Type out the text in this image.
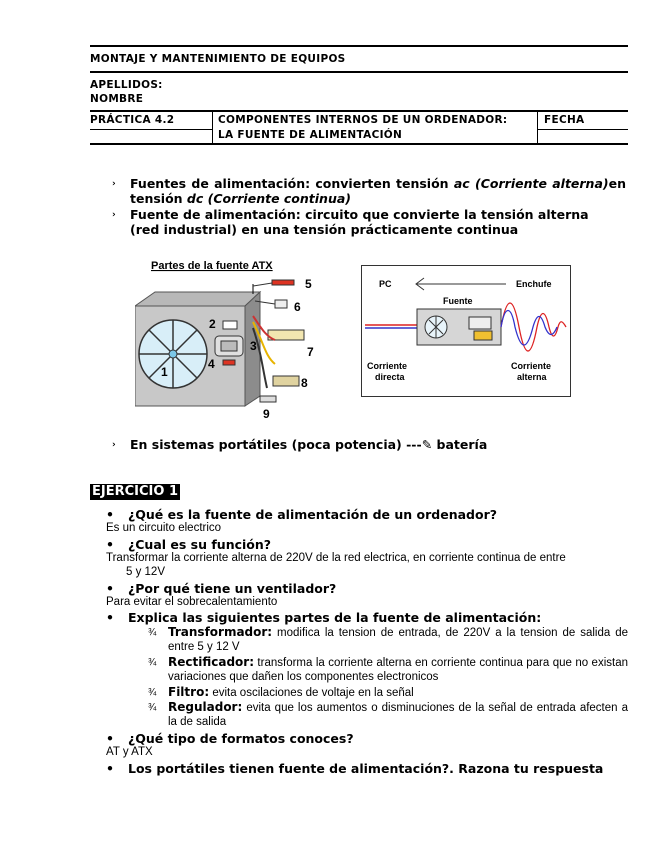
MONTAJE Y MANTENIMIENTO DE EQUIPOS
APELLIDOS:
NOMBRE
PRÁCTICA 4.2	COMPONENTES INTERNOS DE UN ORDENADOR:
LA FUENTE DE ALIMENTACIÓN
FECHA
› Fuentes de alimentación: convierten tensión ac (Corriente alterna)en tensión dc (Corriente continua)
› Fuente de alimentación: circuito que convierte la tensión alterna
(red industrial) en una tensión prácticamente continua
Partes de la fuente ATX
1
2
3
4
5
6
7
8
9
PC	Enchufe
Fuente
Corriente
directa
Corriente
alterna
› En sistemas portátiles (poca potencia) ---✎ batería
EJERCICIO 1
• ¿Qué es la fuente de alimentación de un ordenador?
Es un circuito electrico
• ¿Cual es su función?
Transformar la corriente alterna de 220V de la red electrica, en corriente continua de entre
5 y 12V
• ¿Por qué tiene un ventilador?
Para evitar el sobrecalentamiento
• Explica las siguientes partes de la fuente de alimentación:
¾ Transformador: modifica la tension de entrada, de 220V a la tension de salida de entre 5 y 12 V
¾ Rectificador: transforma la corriente alterna en corriente continua para que no existan variaciones que dañen los componentes electronicos
¾ Filtro: evita oscilaciones de voltaje en la señal
¾ Regulador: evita que los aumentos o disminuciones de la señal de entrada afecten a la de salida
• ¿Qué tipo de formatos conoces?
AT y ATX
• Los portátiles tienen fuente de alimentación?. Razona tu respuesta
